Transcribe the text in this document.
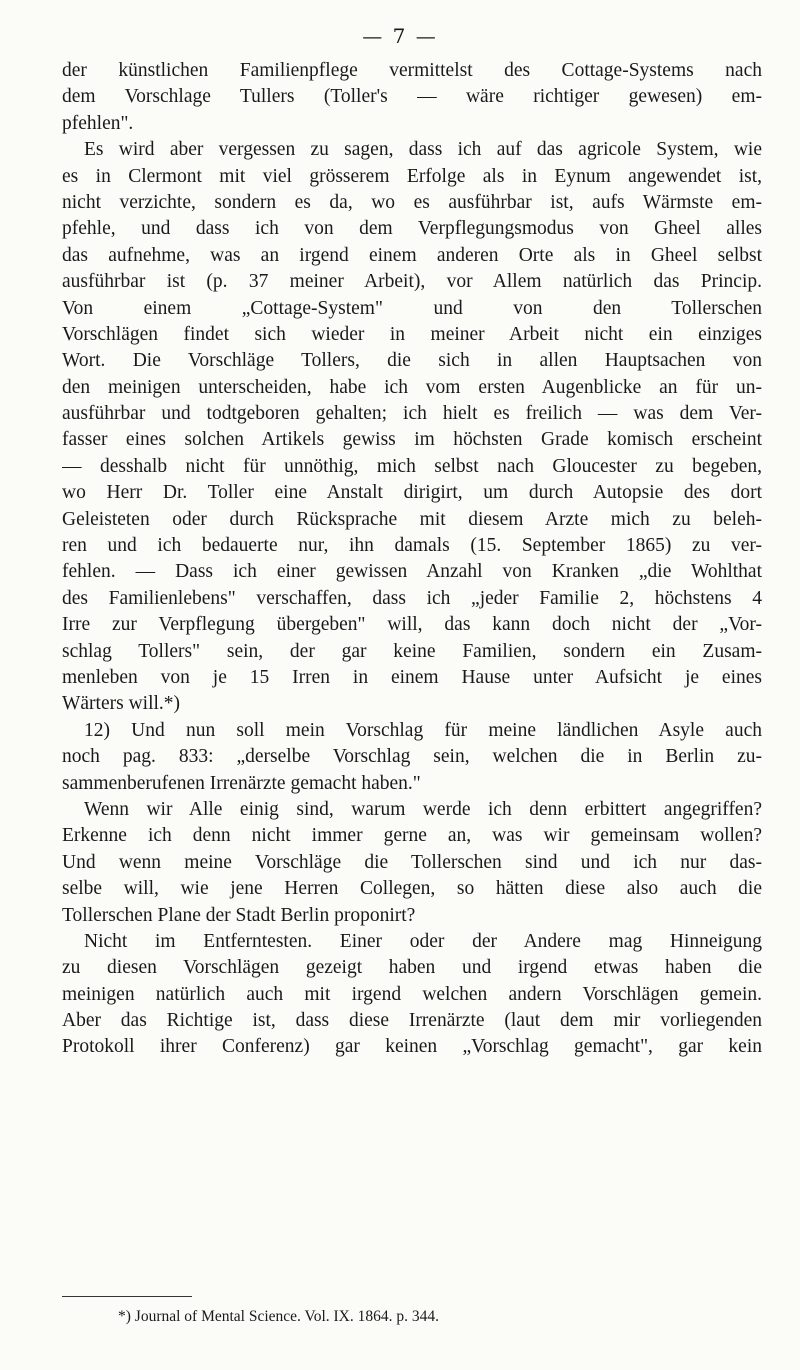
— 7 —
der künstlichen Familienpflege vermittelst des Cottage-Systems nach
dem Vorschlage Tullers (Toller's — wäre richtiger gewesen) em-
pfehlen".
Es wird aber vergessen zu sagen, dass ich auf das agricole System, wie
es in Clermont mit viel grösserem Erfolge als in Eynum angewendet ist,
nicht verzichte, sondern es da, wo es ausführbar ist, aufs Wärmste em-
pfehle, und dass ich von dem Verpflegungsmodus von Gheel alles
das aufnehme, was an irgend einem anderen Orte als in Gheel selbst
ausführbar ist (p. 37 meiner Arbeit), vor Allem natürlich das Princip.
Von einem „Cottage-System" und von den Tollerschen
Vorschlägen findet sich wieder in meiner Arbeit nicht ein einziges
Wort. Die Vorschläge Tollers, die sich in allen Hauptsachen von
den meinigen unterscheiden, habe ich vom ersten Augenblicke an für un-
ausführbar und todtgeboren gehalten; ich hielt es freilich — was dem Ver-
fasser eines solchen Artikels gewiss im höchsten Grade komisch erscheint
— desshalb nicht für unnöthig, mich selbst nach Gloucester zu begeben,
wo Herr Dr. Toller eine Anstalt dirigirt, um durch Autopsie des dort
Geleisteten oder durch Rücksprache mit diesem Arzte mich zu beleh-
ren und ich bedauerte nur, ihn damals (15. September 1865) zu ver-
fehlen. — Dass ich einer gewissen Anzahl von Kranken „die Wohlthat
des Familienlebens" verschaffen, dass ich „jeder Familie 2, höchstens 4
Irre zur Verpflegung übergeben" will, das kann doch nicht der „Vor-
schlag Tollers" sein, der gar keine Familien, sondern ein Zusam-
menleben von je 15 Irren in einem Hause unter Aufsicht je eines
Wärters will.*)
12) Und nun soll mein Vorschlag für meine ländlichen Asyle auch
noch pag. 833: „derselbe Vorschlag sein, welchen die in Berlin zu-
sammenberufenen Irrenärzte gemacht haben."
Wenn wir Alle einig sind, warum werde ich denn erbittert angegriffen?
Erkenne ich denn nicht immer gerne an, was wir gemeinsam wollen?
Und wenn meine Vorschläge die Tollerschen sind und ich nur das-
selbe will, wie jene Herren Collegen, so hätten diese also auch die
Tollerschen Plane der Stadt Berlin proponirt?
Nicht im Entferntesten. Einer oder der Andere mag Hinneigung
zu diesen Vorschlägen gezeigt haben und irgend etwas haben die
meinigen natürlich auch mit irgend welchen andern Vorschlägen gemein.
Aber das Richtige ist, dass diese Irrenärzte (laut dem mir vorliegenden
Protokoll ihrer Conferenz) gar keinen „Vorschlag gemacht", gar kein
*) Journal of Mental Science. Vol. IX. 1864. p. 344.
